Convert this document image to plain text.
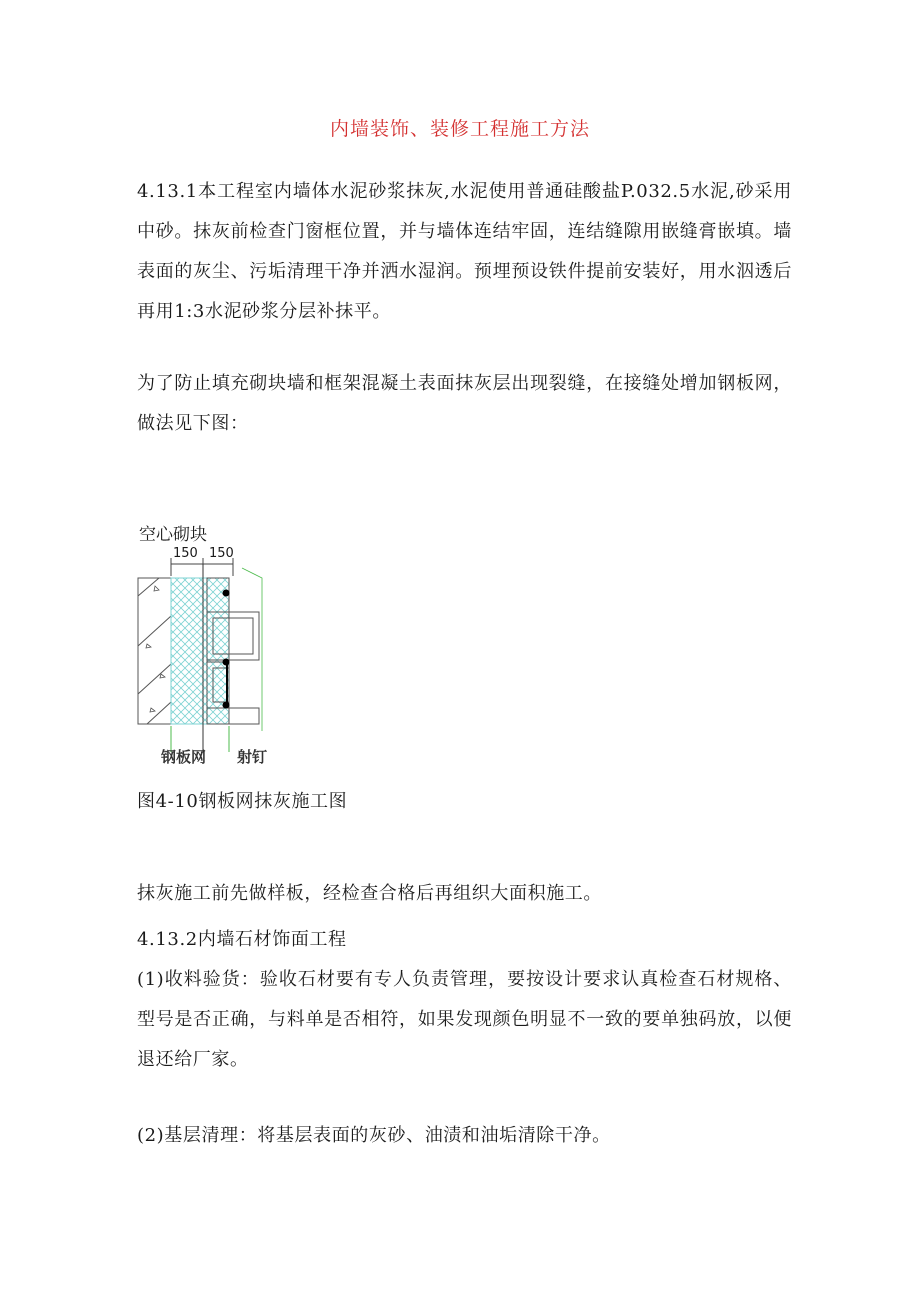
内墙装饰、装修工程施工方法

4.13.1本工程室内墙体水泥砂浆抹灰,水泥使用普通硅酸盐P.032.5水泥,砂采用中砂。抹灰前检查门窗框位置，并与墙体连结牢固，连结缝隙用嵌缝膏嵌填。墙表面的灰尘、污垢清理干净并洒水湿润。预埋预设铁件提前安装好，用水泅透后再用1:3水泥砂浆分层补抹平。

为了防止填充砌块墙和框架混凝土表面抹灰层出现裂缝，在接缝处增加钢板网，做法见下图：

空心砌块
150 150
钢板网 射钉
图4-10钢板网抹灰施工图
抹灰施工前先做样板，经检查合格后再组织大面积施工。
4.13.2内墙石材饰面工程

(1)收料验货：验收石材要有专人负责管理，要按设计要求认真检查石材规格、型号是否正确，与料单是否相符，如果发现颜色明显不一致的要单独码放，以便退还给厂家。

(2)基层清理：将基层表面的灰砂、油渍和油垢清除干净。
